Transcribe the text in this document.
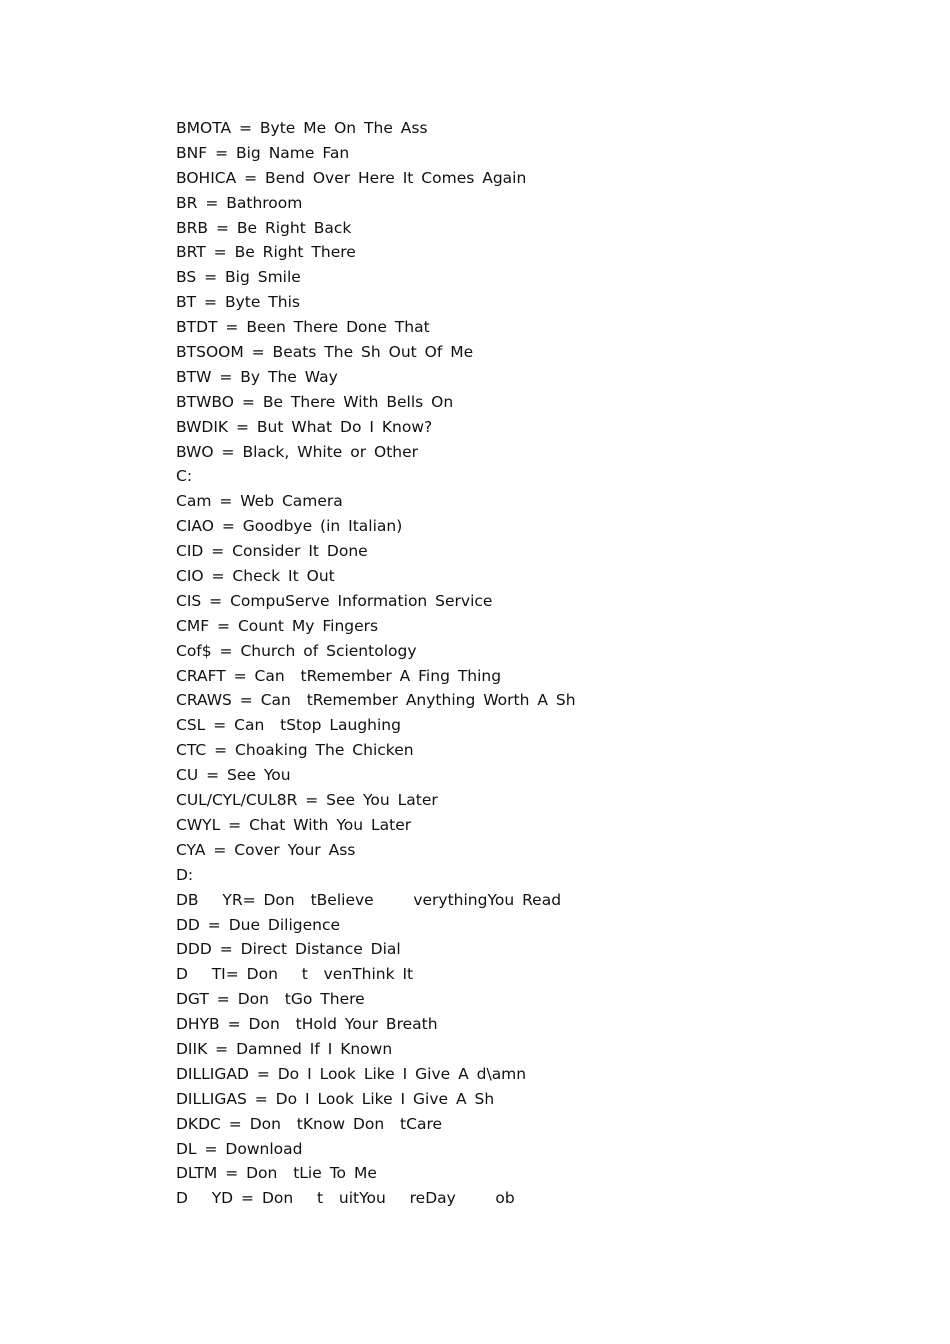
BMOTA = Byte Me On The Ass
BNF = Big Name Fan
BOHICA = Bend Over Here It Comes Again
BR = Bathroom
BRB = Be Right Back
BRT = Be Right There
BS = Big Smile
BT = Byte This
BTDT = Been There Done That
BTSOOM = Beats The Sh Out Of Me
BTW = By The Way
BTWBO = Be There With Bells On
BWDIK = But What Do I Know?
BWO = Black, White or Other
C:
Cam = Web Camera
CIAO = Goodbye (in Italian)
CID = Consider It Done
CIO = Check It Out
CIS = CompuServe Information Service
CMF = Count My Fingers
Cof$ = Church of Scientology
CRAFT = Can  tRemember A Fing Thing
CRAWS = Can  tRemember Anything Worth A Sh
CSL = Can  tStop Laughing
CTC = Choaking The Chicken
CU = See You
CUL/CYL/CUL8R = See You Later
CWYL = Chat With You Later
CYA = Cover Your Ass
D:
DB   YR= Don  tBelieve     verythingYou Read
DD = Due Diligence
DDD = Direct Distance Dial
D   TI= Don   t  venThink It
DGT = Don  tGo There
DHYB = Don  tHold Your Breath
DIIK = Damned If I Known
DILLIGAD = Do I Look Like I Give A d\amn
DILLIGAS = Do I Look Like I Give A Sh
DKDC = Don  tKnow Don  tCare
DL = Download
DLTM = Don  tLie To Me
D   YD = Don   t  uitYou   reDay     ob
